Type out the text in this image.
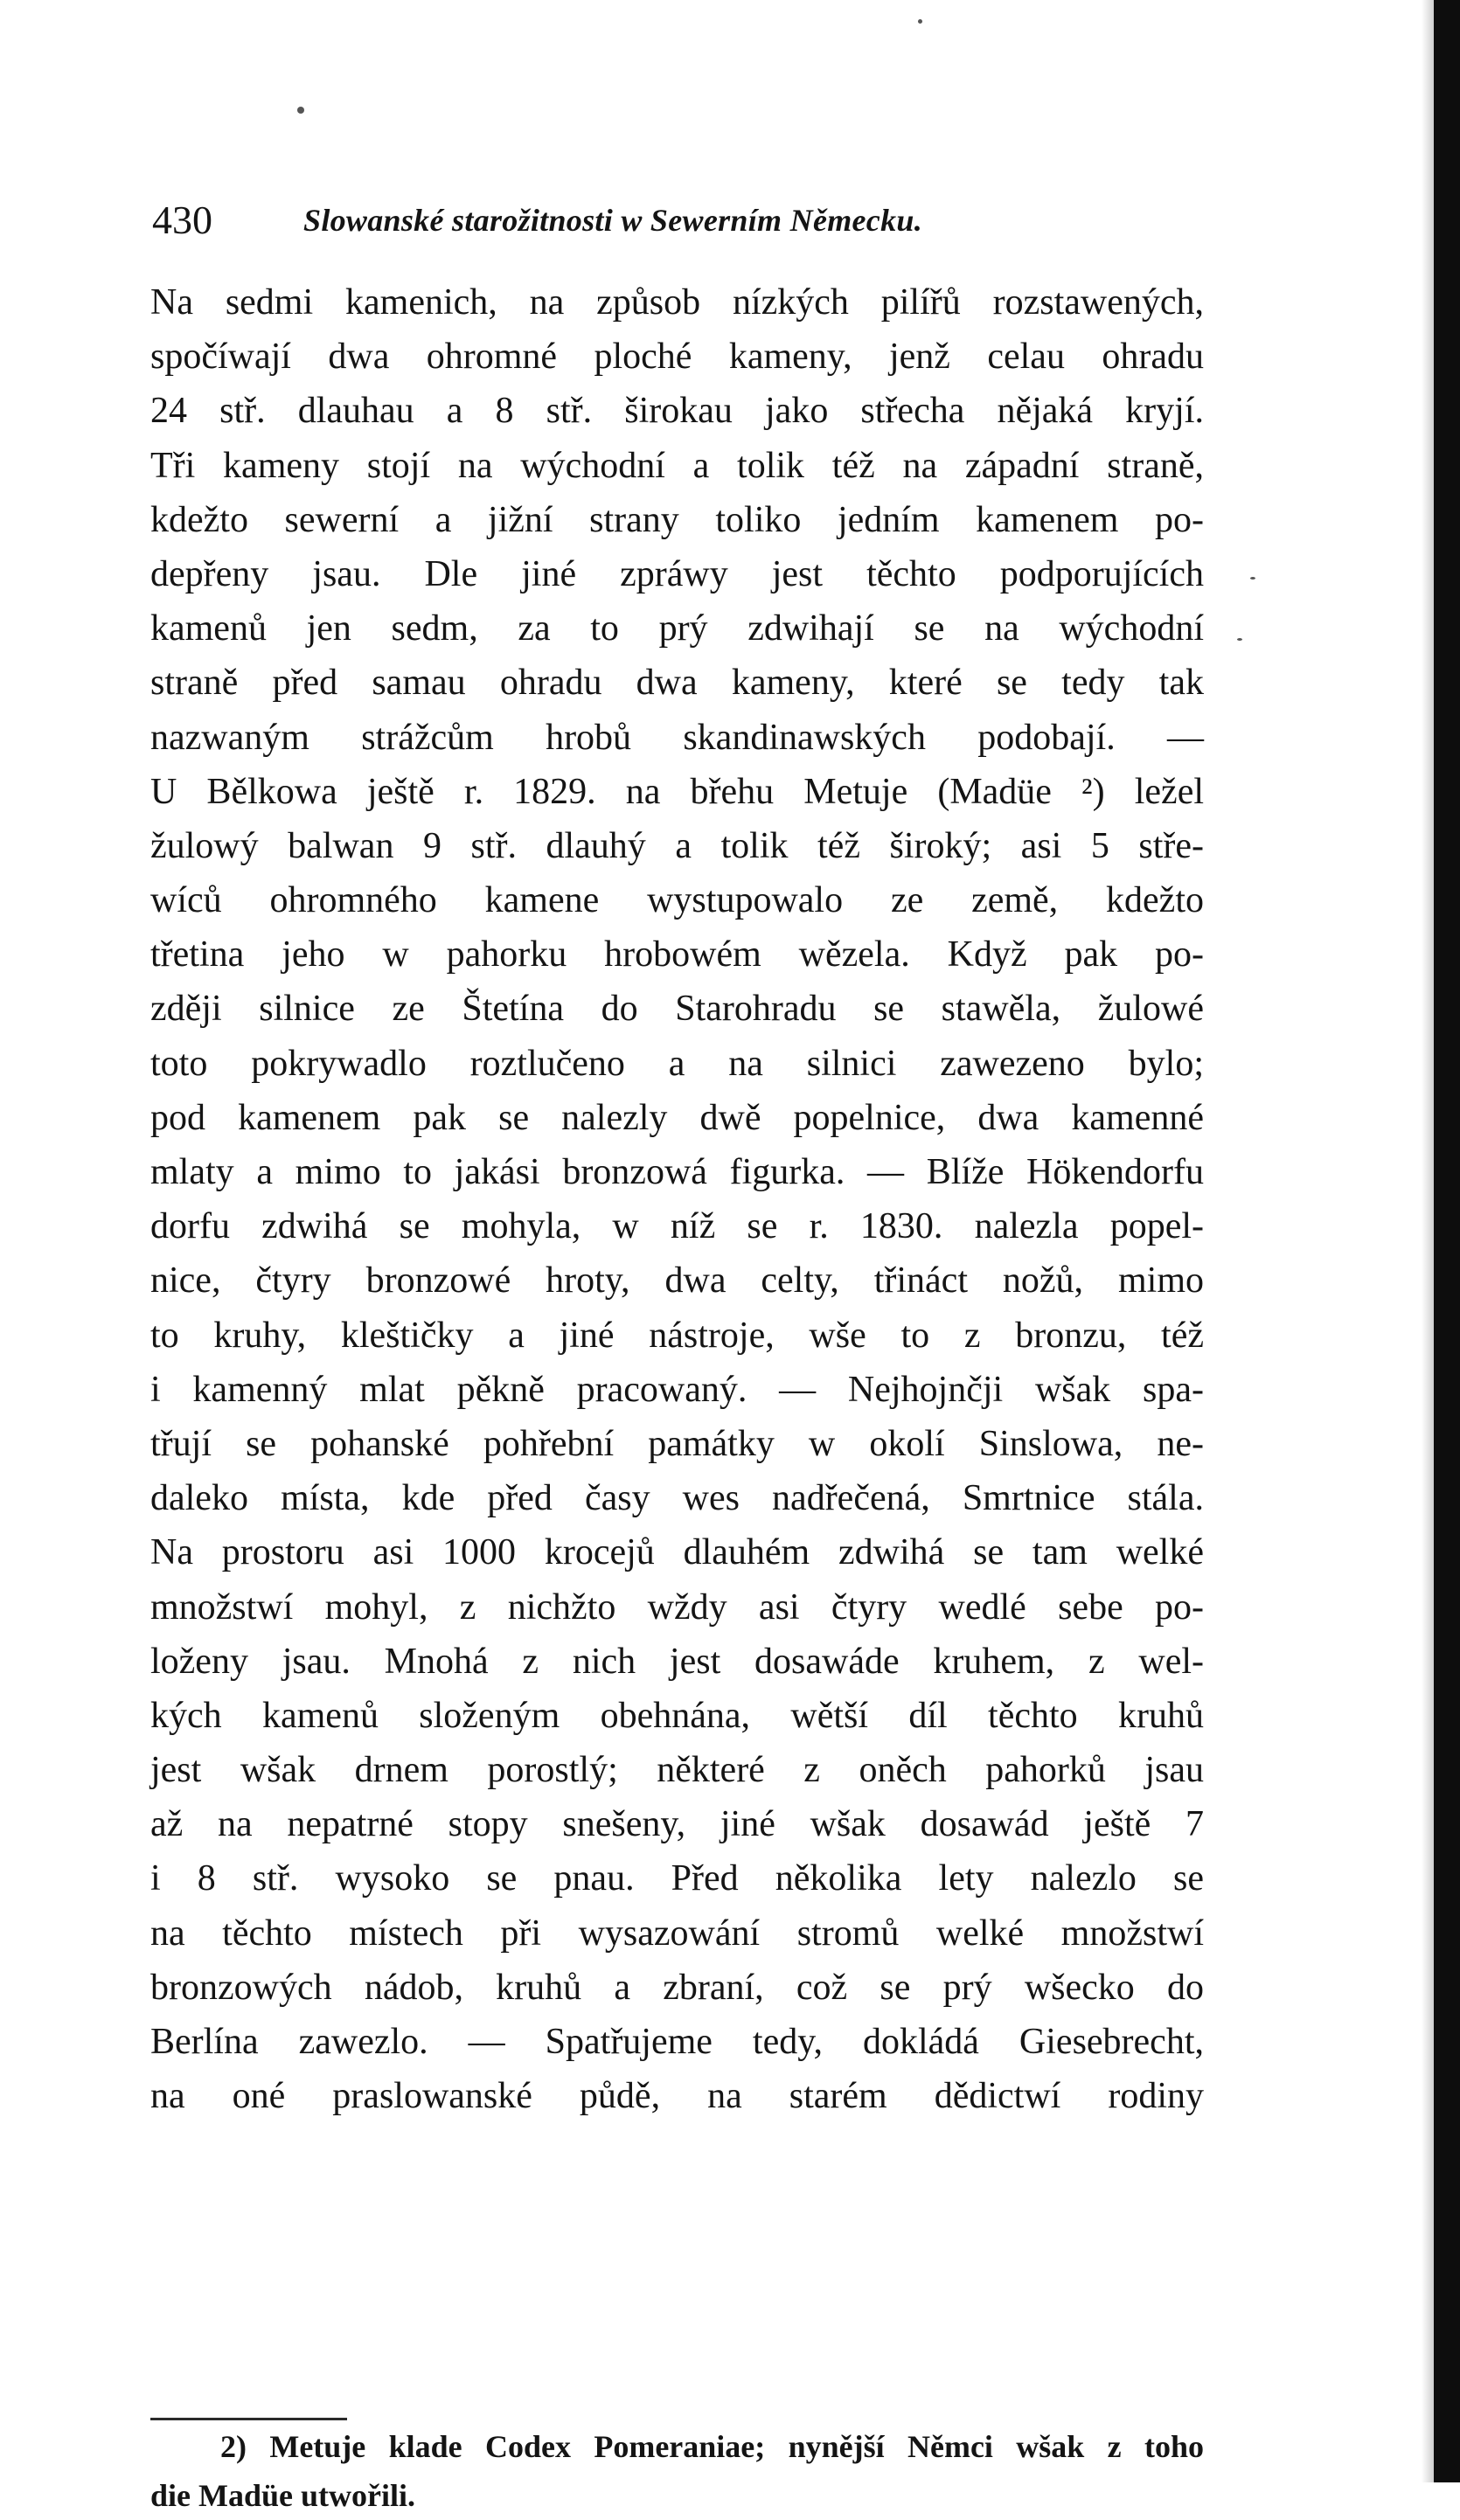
430	Slowanské starožitnosti w Sewerním Německu.
Na sedmi kamenich, na způsob nízkých pilířů rozstawených,
spočíwají dwa ohromné ploché kameny, jenž celau ohradu
24 stř. dlauhau a 8 stř. širokau jako střecha nějaká kryjí.
Tři kameny stojí na wýchodní a tolik též na západní straně,
kdežto sewerní a jižní strany toliko jedním kamenem po-
depřeny jsau. Dle jiné zpráwy jest těchto podporujících
kamenů jen sedm, za to prý zdwihají se na wýchodní
straně před samau ohradu dwa kameny, které se tedy tak
nazwaným strážcům hrobů skandinawských podobají. —
U Bělkowa ještě r. 1829. na břehu Metuje (Madüe ²) ležel
žulowý balwan 9 stř. dlauhý a tolik též široký; asi 5 stře-
wíců ohromného kamene wystupowalo ze země, kdežto
třetina jeho w pahorku hrobowém wězela. Když pak po-
zději silnice ze Štetína do Starohradu se stawěla, žulowé
toto pokrywadlo roztlučeno a na silnici zawezeno bylo;
pod kamenem pak se nalezly dwě popelnice, dwa kamenné
mlaty a mimo to jakási bronzowá figurka. — Blíže Hökendorfu
dorfu zdwihá se mohyla, w níž se r. 1830. nalezla popel-
nice, čtyry bronzowé hroty, dwa celty, třináct nožů, mimo
to kruhy, kleštičky a jiné nástroje, wše to z bronzu, též
i kamenný mlat pěkně pracowaný. — Nejhojnčji wšak spa-
třují se pohanské pohřební památky w okolí Sinslowa, ne-
daleko místa, kde před časy wes nadřečená, Smrtnice stála.
Na prostoru asi 1000 krocejů dlauhém zdwihá se tam welké
množstwí mohyl, z nichžto wždy asi čtyry wedlé sebe po-
loženy jsau. Mnohá z nich jest dosawáde kruhem, z wel-
kých kamenů složeným obehnána, wětší díl těchto kruhů
jest wšak drnem porostlý; některé z oněch pahorků jsau
až na nepatrné stopy snešeny, jiné wšak dosawád ještě 7
i 8 stř. wysoko se pnau. Před několika lety nalezlo se
na těchto místech při wysazowání stromů welké množstwí
bronzowých nádob, kruhů a zbraní, což se prý wšecko do
Berlína zawezlo. — Spatřujeme tedy, dokládá Giesebrecht,
na oné praslowanské půdě, na starém dědictwí rodiny
2) Metuje klade Codex Pomeraniae; nynější Němci wšak z toho
die Madüe utwořili.
